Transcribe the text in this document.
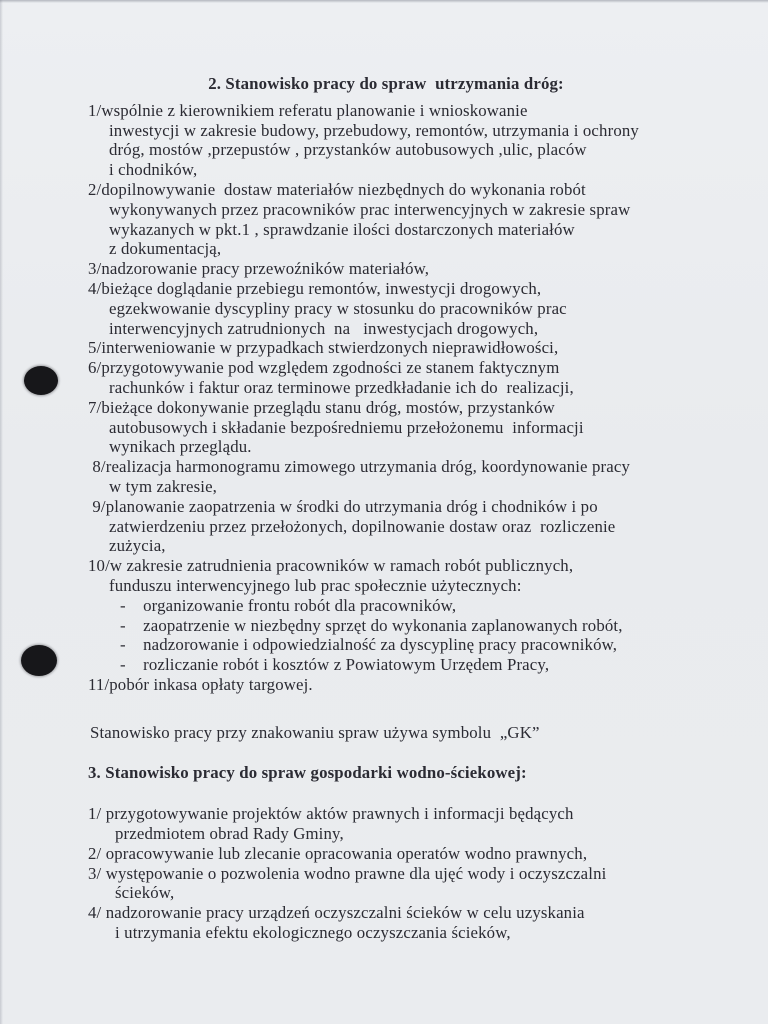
2. Stanowisko pracy do spraw  utrzymania dróg:
1/wspólnie z kierownikiem referatu planowanie i wnioskowanie
inwestycji w zakresie budowy, przebudowy, remontów, utrzymania i ochrony
dróg, mostów ,przepustów , przystanków autobusowych ,ulic, placów
i chodników,
2/dopilnowywanie  dostaw materiałów niezbędnych do wykonania robót
wykonywanych przez pracowników prac interwencyjnych w zakresie spraw
wykazanych w pkt.1 , sprawdzanie ilości dostarczonych materiałów
z dokumentacją,
3/nadzorowanie pracy przewoźników materiałów,
4/bieżące doglądanie przebiegu remontów, inwestycji drogowych,
egzekwowanie dyscypliny pracy w stosunku do pracowników prac
interwencyjnych zatrudnionych  na   inwestycjach drogowych,
5/interweniowanie w przypadkach stwierdzonych nieprawidłowości,
6/przygotowywanie pod względem zgodności ze stanem faktycznym
rachunków i faktur oraz terminowe przedkładanie ich do  realizacji,
7/bieżące dokonywanie przeglądu stanu dróg, mostów, przystanków
autobusowych i składanie bezpośredniemu przełożonemu  informacji
wynikach przeglądu.
8/realizacja harmonogramu zimowego utrzymania dróg, koordynowanie pracy
w tym zakresie,
9/planowanie zaopatrzenia w środki do utrzymania dróg i chodników i po
zatwierdzeniu przez przełożonych, dopilnowanie dostaw oraz  rozliczenie
zużycia,
10/w zakresie zatrudnienia pracowników w ramach robót publicznych,
funduszu interwencyjnego lub prac społecznie użytecznych:
-    organizowanie frontu robót dla pracowników,
-    zaopatrzenie w niezbędny sprzęt do wykonania zaplanowanych robót,
-    nadzorowanie i odpowiedzialność za dyscyplinę pracy pracowników,
-    rozliczanie robót i kosztów z Powiatowym Urzędem Pracy,
11/pobór inkasa opłaty targowej.
Stanowisko pracy przy znakowaniu spraw używa symbolu  „GK”
3. Stanowisko pracy do spraw gospodarki wodno-ściekowej:
1/ przygotowywanie projektów aktów prawnych i informacji będących
przedmiotem obrad Rady Gminy,
2/ opracowywanie lub zlecanie opracowania operatów wodno prawnych,
3/ występowanie o pozwolenia wodno prawne dla ujęć wody i oczyszczalni
ścieków,
4/ nadzorowanie pracy urządzeń oczyszczalni ścieków w celu uzyskania
i utrzymania efektu ekologicznego oczyszczania ścieków,
